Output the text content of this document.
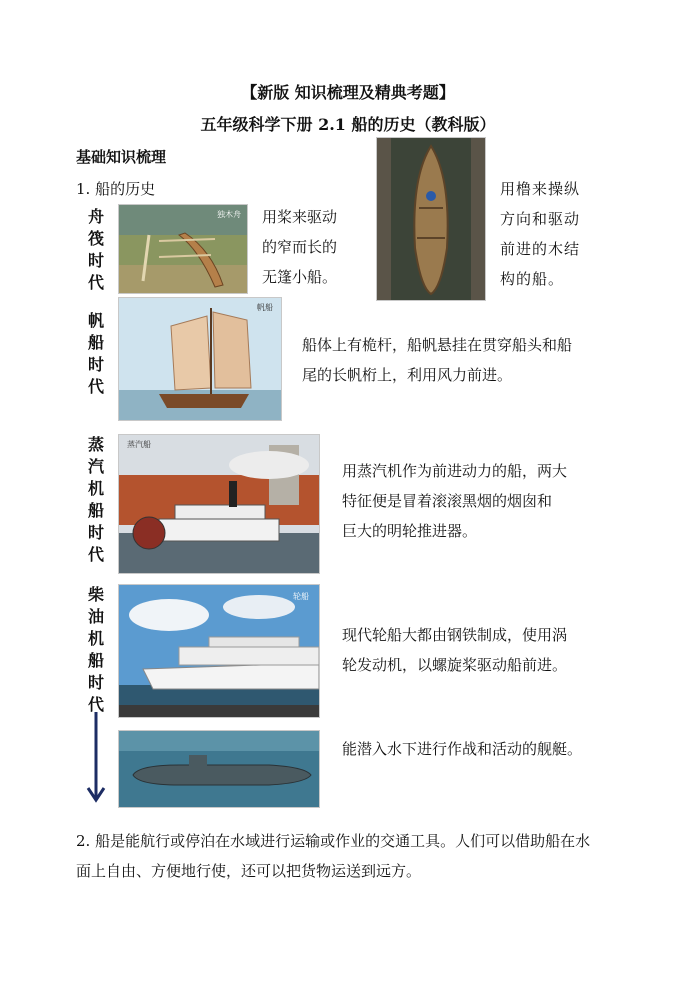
【新版 知识梳理及精典考题】
五年级科学下册 2.1 船的历史（教科版）
基础知识梳理
1. 船的历史
舟
筏
时
代
帆
船
时
代
蒸
汽
机
船
时
代
柴
油
机
船
时
代
独木舟 用桨来驱动
的窄而长的
无篷小船。
用橹来操纵
方向和驱动
前进的木结
构的船。
帆船
船体上有桅杆，船帆悬挂在贯穿船头和船
尾的长帆桁上，利用风力前进。
蒸汽船
用蒸汽机作为前进动力的船，两大
特征便是冒着滚滚黑烟的烟囱和
巨大的明轮推进器。
轮船
现代轮船大都由钢铁制成，使用涡
轮发动机，以螺旋桨驱动船前进。
能潜入水下进行作战和活动的舰艇。
2. 船是能航行或停泊在水域进行运输或作业的交通工具。人们可以借助船在水
面上自由、方便地行使，还可以把货物运送到远方。
